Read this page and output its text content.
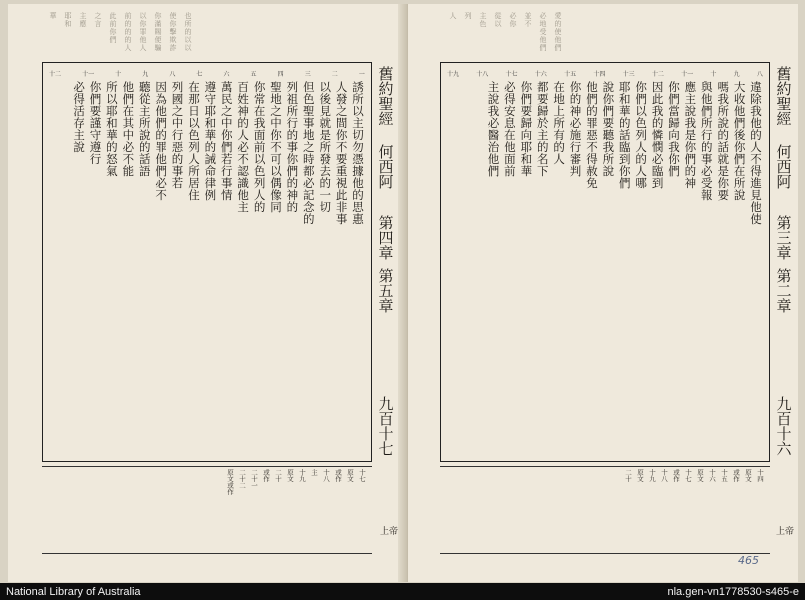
也所的以以
使你擊欺詐
你滿賜便騙
以你罪他人
前的的的人
此前你們
之言
主應
耶和
華
一
二
三
四
五
六
七
八
九
十
十一
十二
誘所以主切勿憑據他的思惠
人發之間你不要重視此非事
以後見就是所發去的一切
但色聖事地之時都必記念的
列祖所行的事你們的神的
聖地之中你不可以偶像同
你常在我面前以色列人的
百姓神的人必不認識他主
萬民之中你們若行事情
遵守耶和華的誡命律例
在那日以色列人所居住
列國之中行惡的事若
因為他們的罪他們必不
聽從主所說的話語
他們在其中必不能
所以耶和華的怒氣
你們要謹守遵行
必得活存主說	舊約聖經
何西阿
第四章
第五章
九百十七
十七
原文
或作
十八
主
十九
原文
二十
或作
二十一
二十二
原文或作
上帝
愛的使他們
必地受他們
並不
必你
從以
主色
列
人
八
九
十
十一
十二
十三
十四
十五
十六
十七
十八
十九
違除我他的人不得進見他使
大收他們後你們在所說
嗎我所說的話就是你要
與他們所行的事必受報
應主說我是你們的神
你們當歸向我你們
因此我的憐憫必臨到
你們以色列人的人哪
耶和華的話臨到你們
說你們要聽我所說
他們的罪惡不得赦免
你的神必施行審判
在地上所有的人
都要歸於主的名下
你們要歸向耶和華
必得安息在他面前
主說我必醫治他們	舊約聖經
何西阿
第三章
第二章
九百十六
十四
原文
或作
十五
十六
原文
十七
或作
十八
十九
原文
二十
上帝
465
National Library of Australia	nla.gen-vn1778530-s465-e
